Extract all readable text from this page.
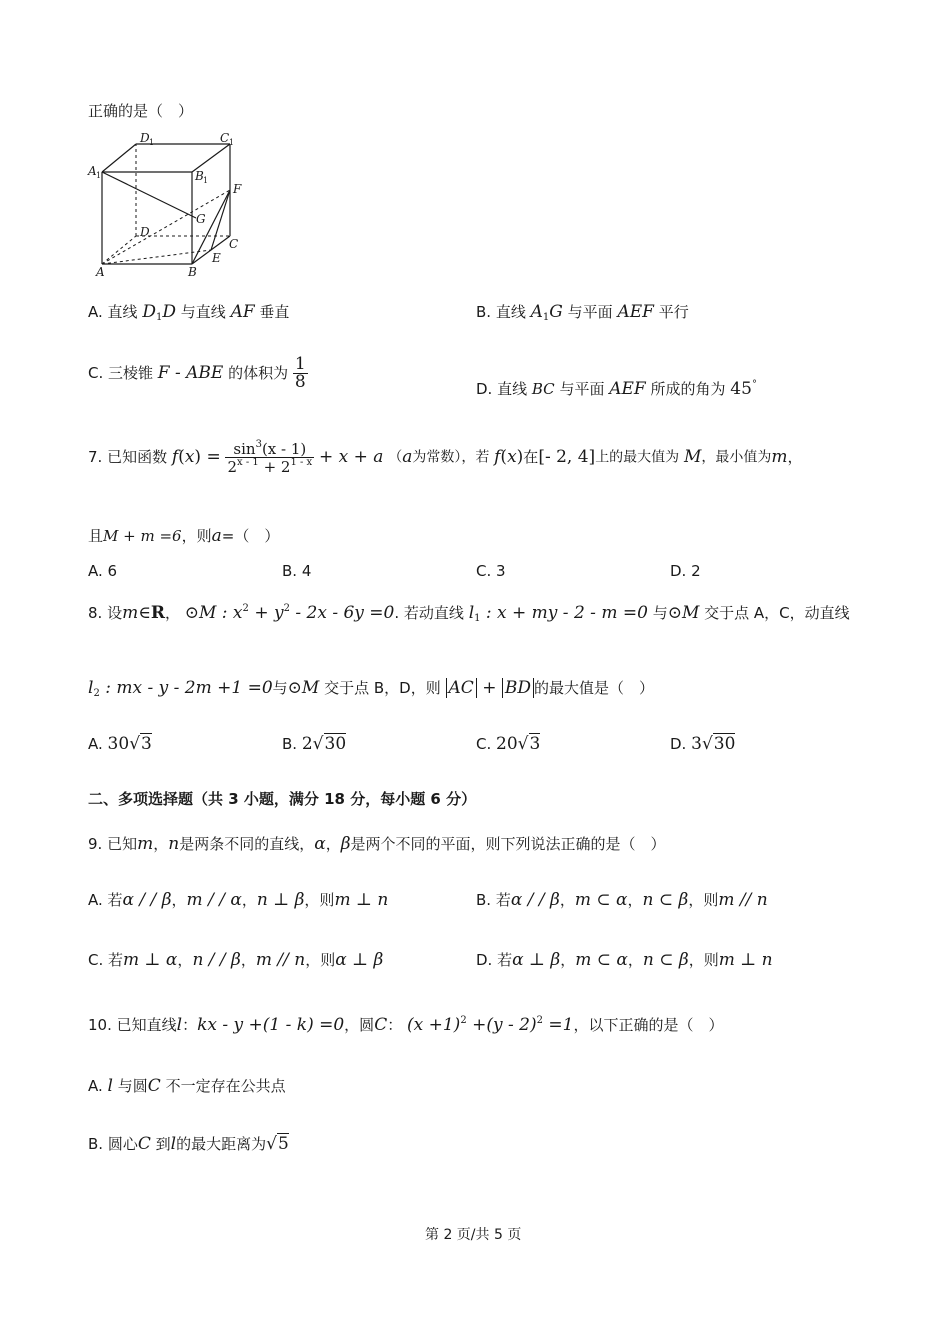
正确的是（　）
D 1	C 1
A 1	B 1
F
G
D
C
E
A	B
A. 直线 $D_1D$ 与直线 AF 垂直	B. 直线 $A_1G$ 与平面 AEF 平行
C. 三棱锥 F - ABE 的体积为 $\frac{1}{8}$	D. 直线 BC 与平面 AEF 所成的角为 45°
7. 已知函数 $f(x) = \frac{\sin^3(x - 1)}{2^{x - 1} + 2^{1 - x}} + x + a$ （a为常数），若 f(x)在[- 2, 4]上的最大值为 M，最小值为m，
且M + m =6，则a=（　）
A. 6	B. 4	C. 3	D. 2
8. 设m∈R， ⊙M : $x^2 + y^2 - 2x - 6y =0$. 若动直线 $l_1$ : x + my - 2 - m =0 与⊙M 交于点 A，C，动直线
$l_2$ : mx - y - 2m +1 =0与⊙M 交于点 B，D，则 AC + BD 的最大值是（　）
A. 30√3	B. 2√30	C. 20√3	D. 3√30
二、多项选择题（共 3 小题，满分 18 分，每小题 6 分）
9. 已知m，n是两条不同的直线，α，β是两个不同的平面，则下列说法正确的是（　）
A. 若α / / β，m / / α，n ⊥ β，则m ⊥ n	B. 若α / / β，m ⊂ α，n ⊂ β，则m // n
C. 若m ⊥ α，n / / β，m // n，则α ⊥ β	D. 若α ⊥ β，m ⊂ α，n ⊂ β，则m ⊥ n
10. 已知直线l：kx - y +(1 - k) =0，圆C： $(x +1)^2 +(y - 2)^2 =1$，以下正确的是（　）
A. l 与圆C 不一定存在公共点
B. 圆心C 到l的最大距离为√5
第 2 页/共 5 页
